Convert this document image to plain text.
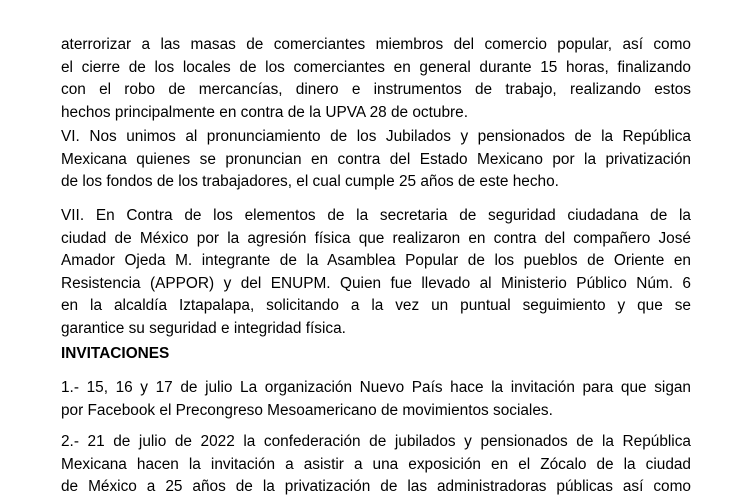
aterrorizar a las masas de comerciantes miembros del comercio popular, así como
el cierre de los locales de los comerciantes en general durante 15 horas, finalizando
con el robo de mercancías, dinero e instrumentos de trabajo, realizando estos
hechos principalmente en contra de la UPVA 28 de octubre.
VI. Nos unimos al pronunciamiento de los Jubilados y pensionados de la República
Mexicana quienes se pronuncian en contra del Estado Mexicano por la privatización
de los fondos de los trabajadores, el cual cumple 25 años de este hecho.
VII. En Contra de los elementos de la secretaria de seguridad ciudadana de la
ciudad de México por la agresión física que realizaron en contra del compañero José
Amador Ojeda M. integrante de la Asamblea Popular de los pueblos de Oriente en
Resistencia (APPOR) y del ENUPM. Quien fue llevado al Ministerio Público Núm. 6
en la alcaldía Iztapalapa, solicitando a la vez un puntual seguimiento y que se
garantice su seguridad e integridad física.
INVITACIONES
1.- 15, 16 y 17 de julio La organización Nuevo País hace la invitación para que sigan
por Facebook el Precongreso Mesoamericano de movimientos sociales.
2.- 21 de julio de 2022 la confederación de jubilados y pensionados de la República
Mexicana hacen la invitación a asistir a una exposición en el Zócalo de la ciudad
de México a 25 años de la privatización de las administradoras públicas así como
